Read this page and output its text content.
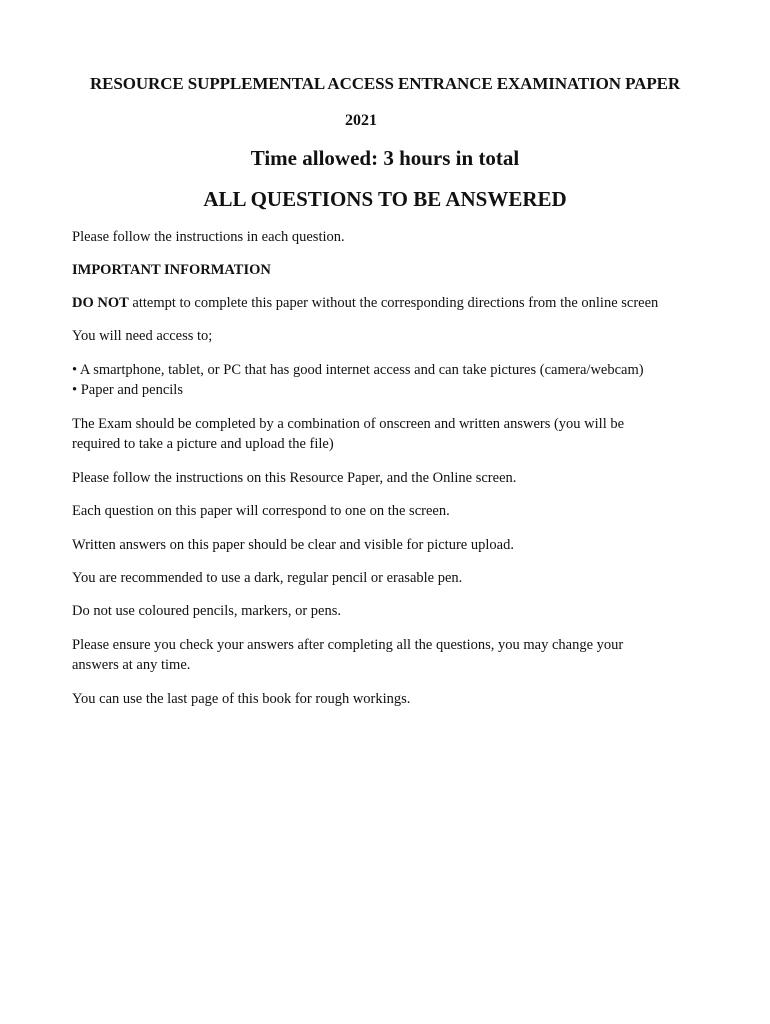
RESOURCE SUPPLEMENTAL ACCESS ENTRANCE EXAMINATION PAPER
2021
Time allowed: 3 hours in total
ALL QUESTIONS TO BE ANSWERED
Please follow the instructions in each question.
IMPORTANT INFORMATION
DO NOT attempt to complete this paper without the corresponding directions from the online screen
You will need access to;
• A smartphone, tablet, or PC that has good internet access and can take pictures (camera/webcam)
• Paper and pencils
The Exam should be completed by a combination of onscreen and written answers (you will be
required to take a picture and upload the file)
Please follow the instructions on this Resource Paper, and the Online screen.
Each question on this paper will correspond to one on the screen.
Written answers on this paper should be clear and visible for picture upload.
You are recommended to use a dark, regular pencil or erasable pen.
Do not use coloured pencils, markers, or pens.
Please ensure you check your answers after completing all the questions, you may change your
answers at any time.
You can use the last page of this book for rough workings.
